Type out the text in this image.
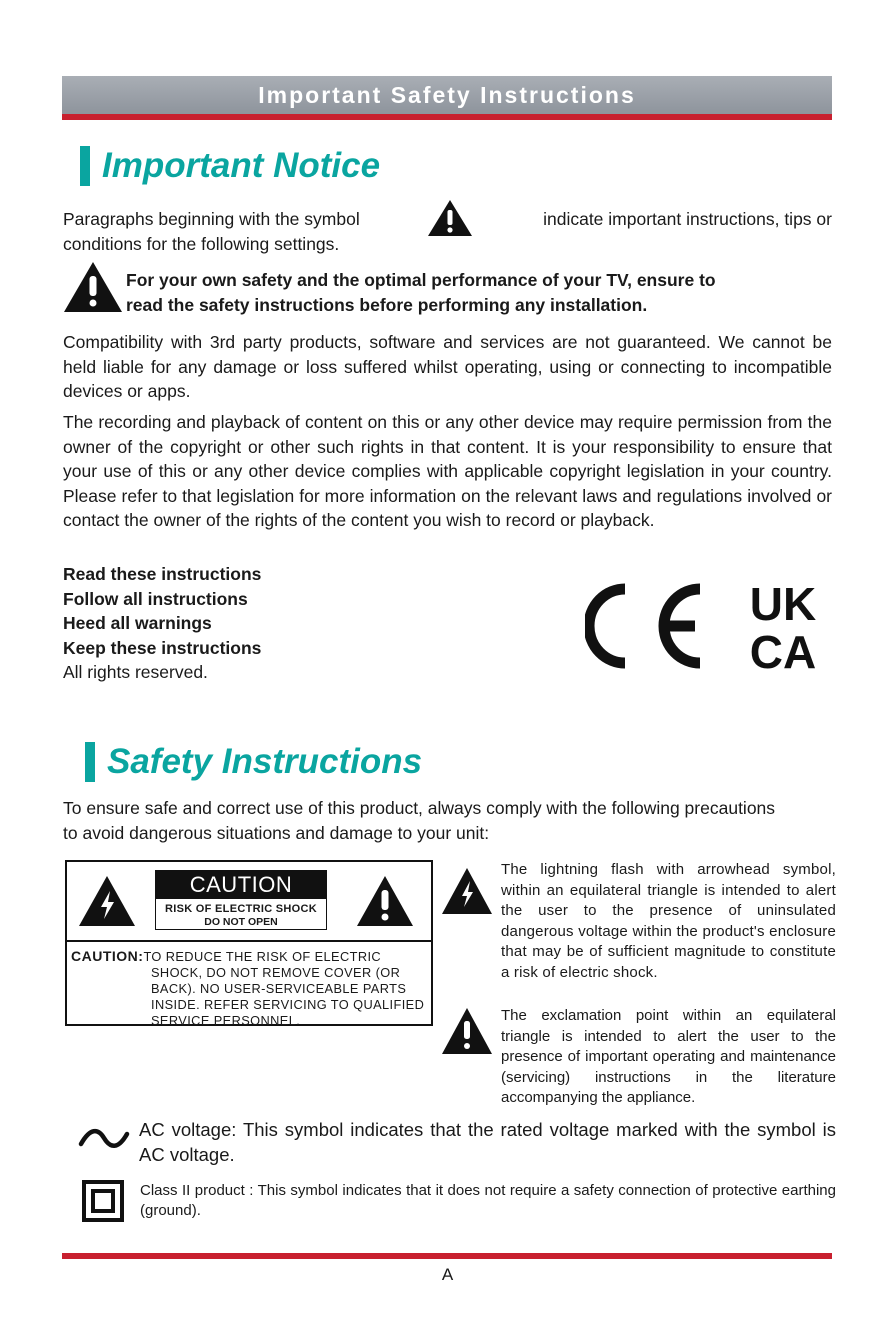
Important Safety Instructions
Important Notice
Paragraphs beginning with the symbol	indicate important instructions, tips or
conditions for the following settings.
For your own safety and the optimal performance of your TV, ensure to
read the safety instructions before performing any installation.

Compatibility with 3rd party products, software and services are not guaranteed. We cannot be held liable for any damage or loss suffered whilst operating, using or connecting to incompatible devices or apps.

The recording and playback of content on this or any other device may require permission from the owner of the copyright or other such rights in that content. It is your responsibility to ensure that your use of this or any other device complies with applicable copyright legislation in your country. Please refer to that legislation for more information on the relevant laws and regulations involved or contact the owner of the rights of the content you wish to record or playback.

Read these instructions
Follow all instructions
Heed all warnings
Keep these instructions
All rights reserved.
UK
CA
Safety Instructions

To ensure safe and correct use of this product, always comply with the following precautions to avoid dangerous situations and damage to your unit:

CAUTION
RISK OF ELECTRIC SHOCK
DO NOT OPEN
CAUTION:TO REDUCE THE RISK OF ELECTRIC
SHOCK, DO NOT REMOVE COVER (OR
BACK). NO USER-SERVICEABLE PARTS
INSIDE. REFER SERVICING TO QUALIFIED
SERVICE PERSONNEL.

The lightning flash with arrowhead symbol, within an equilateral triangle is intended to alert the user to the presence of uninsulated dangerous voltage within the product's enclosure that may be of sufficient magnitude to constitute a risk of electric shock.

The exclamation point within an equilateral triangle is intended to alert the user to the presence of important operating and maintenance (servicing) instructions in the literature accompanying the appliance.

AC voltage: This symbol indicates that the rated voltage marked with the symbol is AC voltage.

Class II product : This symbol indicates that it does not require a safety connection of protective earthing (ground).

A
